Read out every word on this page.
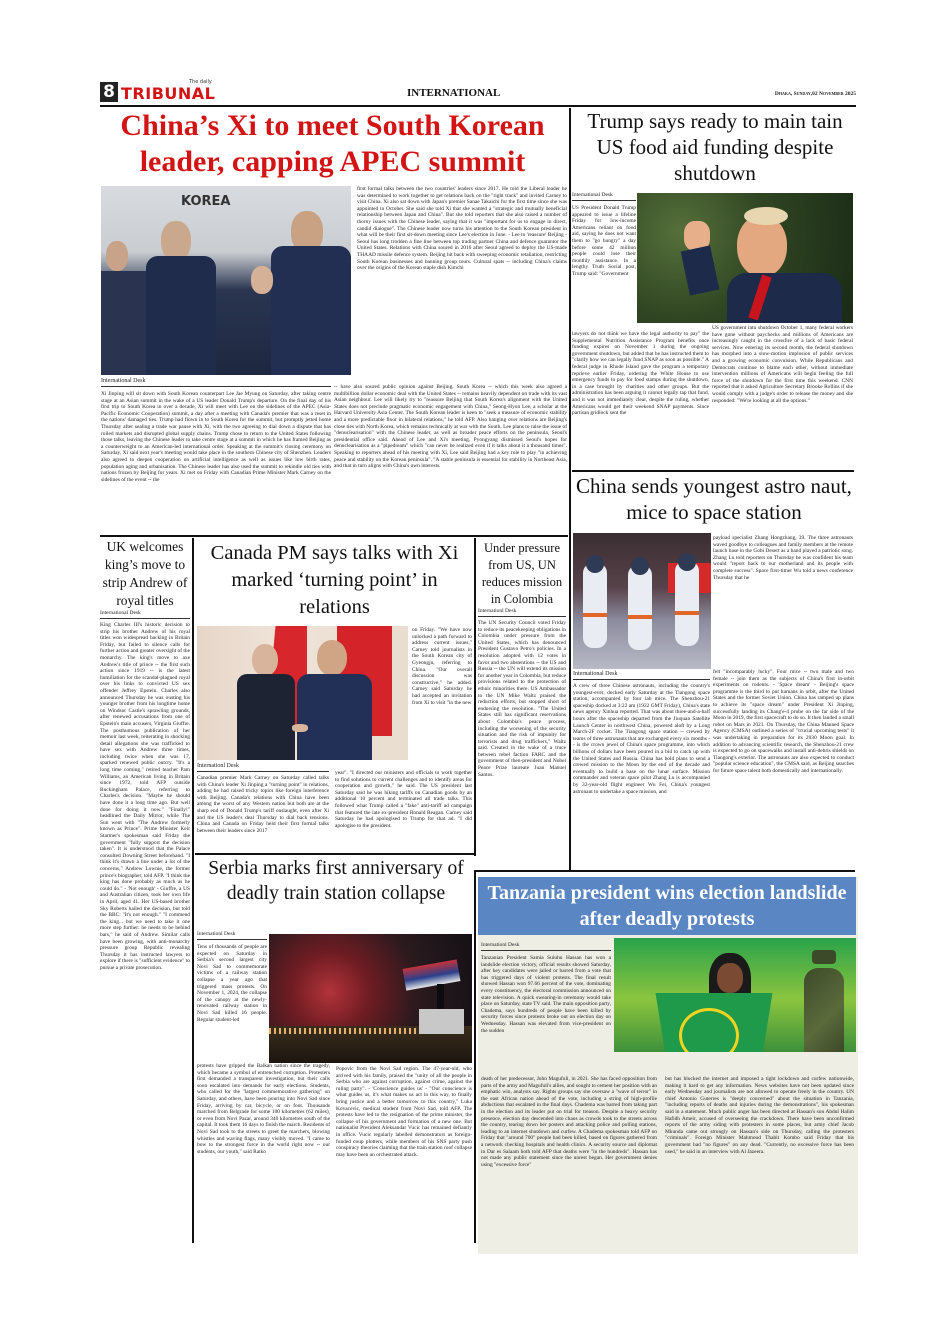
8	The daily
TRIBUNAL	INTERNATIONAL	Dhaka, Sunday,02 November 2025
China’s Xi to meet South Korean leader, capping APEC summit
KOREA
International Desk
first formal talks between the two countries' leaders since 2017. He told the Liberal leader he was determined to work together to get relations back on the "right track" and invited Carney to visit China. Xi also sat down with Japan's premier Sanae Takaichi for the first time since she was appointed in October. She said she told Xi that she wanted a "strategic and mutually beneficial relationship between Japan and China". But she told reporters that she also raised a number of thorny issues with the Chinese leader, saying that it was "important for us to engage in direct, candid dialogue". The Chinese leader now turns his attention to the South Korean president in what will be their first sit-down meeting since Lee's election in June. - Lee to 'reassure' Beijing - Seoul has long trodden a fine line between top trading partner China and defence guarantor the United States. Relations with China soured in 2016 after Seoul agreed to deploy the US-made THAAD missile defence system. Beijing hit back with sweeping economic retaliation, restricting South Korean businesses and banning group tours. Cultural spats -- including China's claims over the origins of the Korean staple dish Kimchi
Xi Jinping will sit down with South Korean counterpart Lee Jae Myung on Saturday, after taking centre stage at an Asian summit in the wake of a US leader Donald Trump's departure. On the final day of his first trip to South Korea in over a decade, Xi will meet with Lee on the sidelines of the APEC (Asia-Pacific Economic Cooperation) summit, a day after a meeting with Canada's premier that was a reset in the nations' damaged ties. Trump had flown in to South Korea for the summit, but promptly jetted home Thursday after sealing a trade war pause with Xi, with the two agreeing to dial down a dispute that has roiled markets and disrupted global supply chains. Trump chose to return to the United States following those talks, leaving the Chinese leader to take centre stage at a summit in which he has framed Beijing as a counterweight to an American-led international order. Speaking at the summit's closing ceremony on Saturday, Xi said next year's meeting would take place in the southern Chinese city of Shenzhen. Leaders also agreed to deepen cooperation on artificial intelligence as well as issues like low birth rates, population aging and urbanisation. The Chinese leader has also used the summit to rekindle old ties with nations frozen by Beijing for years. Xi met on Friday with Canadian Prime Minister Mark Carney on the sidelines of the event -- the
-- have also soured public opinion against Beijing. South Korea -- which this week also agreed a multibillion dollar economic deal with the United States -- remains heavily dependent on trade with its vast Asian neighbour. Lee will likely try to "reassure Beijing that South Korea's alignment with the United States does not preclude pragmatic economic engagement with China," Seong-Hyon Lee, a scholar at the Harvard University Asia Center. The South Korean leader is keen to "seek a measure of economic stability and a more predictable floor in bilateral relations," he told AFP. Also hanging over relations are Beijing's close ties with North Korea, which remains technically at war with the South. Lee plans to raise the issue of "denuclearisation" with the Chinese leader, as well as broader peace efforts on the peninsula, Seoul's presidential office said. Ahead of Lee and Xi's meeting, Pyongyang dismissed Seoul's hopes for denuclearisation as a "pipedream" which "can never be realized even if it talks about it a thousand times". Speaking to reporters ahead of his meeting with Xi, Lee said Beijing had a key role to play "in achieving peace and stability on the Korean peninsula". "A stable peninsula is essential for stability in Northeast Asia, and that in turn aligns with China's own interests.
Trump says ready to main tain US food aid funding despite shutdown
International Desk
US President Donald Trump appeared to issue a lifeline Friday for low-income Americans reliant on food aid, saying he does not want them to "go hungry" a day before some 42 million people could lose their monthly assistance. In a lengthy Truth Social post, Trump said: "Government
lawyers do not think we have the legal authority to pay" the Supplemental Nutrition Assistance Program benefits once funding expires on November 1 during the ongoing government shutdown, but added that he has instructed them to "clarify how we can legally fund SNAP as soon as possible." A federal judge in Rhode Island gave the program a temporary reprieve earlier Friday, ordering the White House to use emergency funds to pay for food stamps during the shutdown, in a case brought by charities and other groups. But the administration has been arguing it cannot legally tap that fund, and it was not immediately clear, despite the ruling, whether Americans would get their weekend SNAP payments. Since partisan gridlock sent the
US government into shutdown October 1, many federal workers have gone without paychecks and millions of Americans are increasingly caught in the crossfire of a lack of basic federal services. Now entering its second month, the federal shutdown has morphed into a slow-motion implosion of public services and a growing economic convulsion. While Republicans and Democrats continue to blame each other, without immediate intervention millions of Americans will begin feeling the full force of the shutdown for the first time this weekend. CNN reported that it asked Agriculture Secretary Brooke Rollins if she would comply with a judge's order to release the money and she responded: "We're looking at all the options."
China sends youngest astro naut, mice to space station
payload specialist Zhang Hongzhang, 39. The three astronauts waved goodbye to colleagues and family members at the remote launch base in the Gobi Desert as a band played a patriotic song. Zhang Lu told reporters on Thursday he was confident his team would "report back to our motherland and its people with complete success". Space first-timer Wu told a news conference Thursday that he
International Desk
A crew of three Chinese astronauts, including the country's youngest-ever, docked early Saturday at the Tiangong space station, accompanied by four lab mice. The Shenzhou-21 spaceship docked at 3:22 am (1922 GMT Friday), China's state news agency Xinhua reported. That was about three-and-a-half hours after the spaceship departed from the Jiuquan Satellite Launch Center in northwest China, powered aloft by a Long March-2F rocket. The Tiangong space station -- crewed by teams of three astronauts that are exchanged every six months -- is the crown jewel of China's space programme, into which billions of dollars have been poured in a bid to catch up with the United States and Russia. China has bold plans to send a crewed mission to the Moon by the end of the decade and eventually to build a base on the lunar surface. Mission commander and veteran space pilot Zhang Lu is accompanied by 32-year-old flight engineer Wu Fei, China's youngest astronaut to undertake a space mission, and
felt "incomparably lucky". Four mice -- two male and two female -- join them as the subjects of China's first in-orbit experiments on rodents. - 'Space dream' - Beijing's space programme is the third to put humans in orbit, after the United States and the former Soviet Union. China has ramped up plans to achieve its "space dream" under President Xi Jinping, successfully landing its Chang'e-4 probe on the far side of the Moon in 2019, the first spacecraft to do so. It then landed a small robot on Mars in 2021. On Thursday, the China Manned Space Agency (CMSA) outlined a series of "crucial upcoming tests" it was undertaking in preparation for its 2030 Moon goal. In addition to advancing scientific research, the Shenzhou-21 crew is expected to go on spacewalks and install anti-debris shields on Tiangong's exterior. The astronauts are also expected to conduct "popular science education", the CMSA said, as Beijing searches for future space talent both domestically and internationally.
UK welcomes king’s move to strip Andrew of royal titles
International Desk
King Charles III's historic decision to strip his brother Andrew of his royal titles won widespread backing in Britain Friday, but failed to silence calls for further action and greater oversight of the monarchy. The king's move to axe Andrew's title of prince -- the first such action since 1919 -- is the latest humiliation for the scandal-plagued royal over his links to convicted US sex offender Jeffrey Epstein. Charles also announced Thursday he was ousting his younger brother from his longtime home on Windsor Castle's sprawling grounds, after renewed accusations from one of Epstein's main accusers, Virginia Giuffre. The posthumous publication of her memoir last week, reiterating in shocking detail allegations she was trafficked to have sex with Andrew three times, including twice when she was 17, sparked renewed public outcry. "It's a long time coming," retired teacher Pam Williams, an American living in Britain since 1972, told AFP outside Buckingham Palace, referring to Charles's decision. "Maybe he should have done it a long time ago. But well done for doing it now." "Finally!" headlined the Daily Mirror, while The Sun went with "The Andrew formerly known as Prince". Prime Minister Keir Starmer's spokesman said Friday the government "fully support the decision taken". It is understood that the Palace consulted Downing Street beforehand. "I think it's drawn a line under a lot of the concerns," Andrew Lownie, the former prince's biographer, told AFP. "I think the king has done probably as much as he could do." - 'Not enough' - Giuffre, a US and Australian citizen, took her own life in April, aged 41. Her US-based brother Sky Roberts hailed the decision, but told the BBC: "It's not enough." "I commend the king... but we need to take it one more step further: he needs to be behind bars," he said of Andrew. Similar calls have been growing, with anti-monarchy pressure group Republic revealing Thursday it has instructed lawyers to explore if there is "sufficient evidence" to pursue a private prosecution.
Canada PM says talks with Xi marked ‘turning point’ in relations
on Friday. "We have now unlocked a path forward to address current issues," Carney told journalists in the South Korean city of Gyeongju, referring to China. "Our overall discussion was constructive," he added. Carney said Saturday he had accepted an invitation from Xi to visit "in the new
Internationl Desk
Canadian premier Mark Carney on Saturday called talks with China's leader Xi Jinping a "turning point" in relations, adding he had raised tricky topics like foreign interference with Beijing. Canada's relations with China have been among the worst of any Western nation but both are at the sharp end of Donald Trump's tariff onslaught, even after Xi and the US leader's deal Thursday to dial back tensions. China and Canada on Friday held their first formal talks between their leaders since 2017
year". "I directed our ministers and officials to work together to find solutions to current challenges and to identify areas for cooperation and growth," he said. The US president last Saturday said he was hiking tariffs on Canadian goods by an additional 10 percent and terminated all trade talks. This followed what Trump called a "fake" anti-tariff ad campaign that featured the late ex-president Ronald Reagan. Carney said Saturday he had apologised to Trump for that ad. "I did apologise to the president.
Under pressure from US, UN reduces mission in Colombia
Internationl Desk
The UN Security Council voted Friday to reduce its peacekeeping obligations in Colombia under pressure from the United States, which has denounced President Gustavo Petro's policies. In a resolution adopted with 12 votes in favor and two abstentions -- the US and Russia -- the UN will extend its mission for another year in Colombia, but reduce provisions related to the protection of ethnic minorities there. US Ambassador to the UN Mike Waltz praised the reduction efforts, but stopped short of endorsing the resolution. "The United States still has significant reservations about Colombia's peace process, including the worsening of the security situation and the risk of impunity for terrorists and drug traffickers," Waltz said. Created in the wake of a truce between rebel faction FARC and the government of then-president and Nobel Peace Prize laureate Juan Manuel Santos.
Serbia marks first anniversary of deadly train station collapse
Internationl Desk
Tens of thousands of people are expected on Saturday in Serbia's second largest city Novi Sad to commemorate victims of a railway station collapse a year ago that triggered mass protests. On November 1, 2024, the collapse of the canopy at the newly-renovated railway station in Novi Sad killed 16 people. Regular student-led
protests have gripped the Balkan nation since the tragedy, which became a symbol of entrenched corruption. Protesters first demanded a transparent investigation, but their calls soon escalated into demands for early elections. Students, who called for the "largest commemorative gathering" on Saturday, and others, have been pouring into Novi Sad since Friday, arriving by car, bicycle, or on foot. Thousands marched from Belgrade for some 100 kilometres (62 miles), or even from Novi Pazar, around 340 kilometres south of the capital. It took them 16 days to finish the march. Residents of Novi Sad took to the streets to greet the marchers, blowing whistles and waving flags, many visibly moved. "I came to bow to the strongest force in the world right now -- our students, our youth," said Ratko
Popovic from the Novi Sad region. The 47-year-old, who arrived with his family, praised the "unity of all the people in Serbia who are against corruption, against crime, against the ruling party". - 'Conscience guides us' - "Our conscience is what guides us, it's what makes us act in this way, to finally bring justice and a better tomorrow to this country," Luka Kovacevic, medical student from Novi Sad, told AFP. The protests have led to the resignation of the prime minister, the collapse of his government and formation of a new one. But nationalist President Aleksandar Vucic has remained defiantly in office. Vucic regularly labelled demonstrators as foreign-funded coup plotters, while members of his SNS party push conspiracy theories claiming that the train station roof collapse may have been an orchestrated attack.
Tanzania president wins election landslide after deadly protests
Internationl Desk
Tanzanian President Samia Suluhu Hassan has won a landslide election victory, official results showed Saturday, after key candidates were jailed or barred from a vote that has triggered days of violent protests. The final result showed Hassan won 97.66 percent of the vote, dominating every constituency, the electoral commission announced on state television. A quick swearing-in ceremony would take place on Saturday, state TV said. The main opposition party, Chadema, says hundreds of people have been killed by security forces since protests broke out on election day on Wednesday. Hassan was elevated from vice-president on the sudden
death of her predecessor, John Magufuli, in 2021. She has faced opposition from parts of the army and Magufuli's allies, and sought to cement her position with an emphatic win, analysts say. Rights groups say she oversaw a "wave of terror" in the east African nation ahead of the vote, including a string of high-profile abductions that escalated in the final days. Chadema was barred from taking part in the election and its leader put on trial for treason. Despite a heavy security presence, election day descended into chaos as crowds took to the streets across the country, tearing down her posters and attacking police and polling stations, leading to an internet shutdown and curfew. A Chadema spokesman told AFP on Friday that "around 700" people had been killed, based on figures gathered from a network checking hospitals and health clinics. A security source and diplomat in Dar es Salaam both told AFP that deaths were "in the hundreds". Hassan has not made any public statement since the unrest began. Her government denies using "excessive force"
but has blocked the internet and imposed a tight lockdown and curfew nationwide, making it hard to get any information. News websites have not been updated since early Wednesday and journalists are not allowed to operate freely in the country. UN chief Antonio Guterres is "deeply concerned" about the situation in Tanzania, "including reports of deaths and injuries during the demonstrations", his spokesman said in a statement. Much public anger has been directed at Hassan's son Abdul Halim Hafidh Ameir, accused of overseeing the crackdown. There have been unconfirmed reports of the army siding with protesters in some places, but army chief Jacob Mkunda came out strongly on Hassan's side on Thursday, calling the protesters "criminals". Foreign Minister Mahmoud Thabit Kombo said Friday that his government had "no figures" on any dead. "Currently, no excessive force has been used," he said in an interview with Al Jazeera.
